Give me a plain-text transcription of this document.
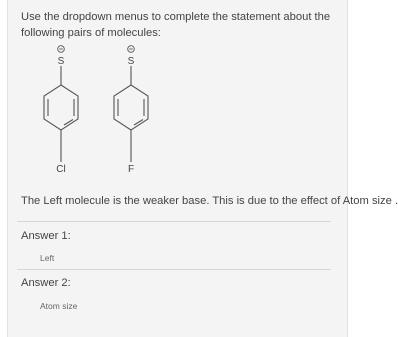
Use the dropdown menus to complete the statement about the following pairs of molecules:
S
Cl
S
F
The Left molecule is the weaker base. This is due to the effect of Atom size .
Answer 1:
Left
Answer 2:
Atom size
